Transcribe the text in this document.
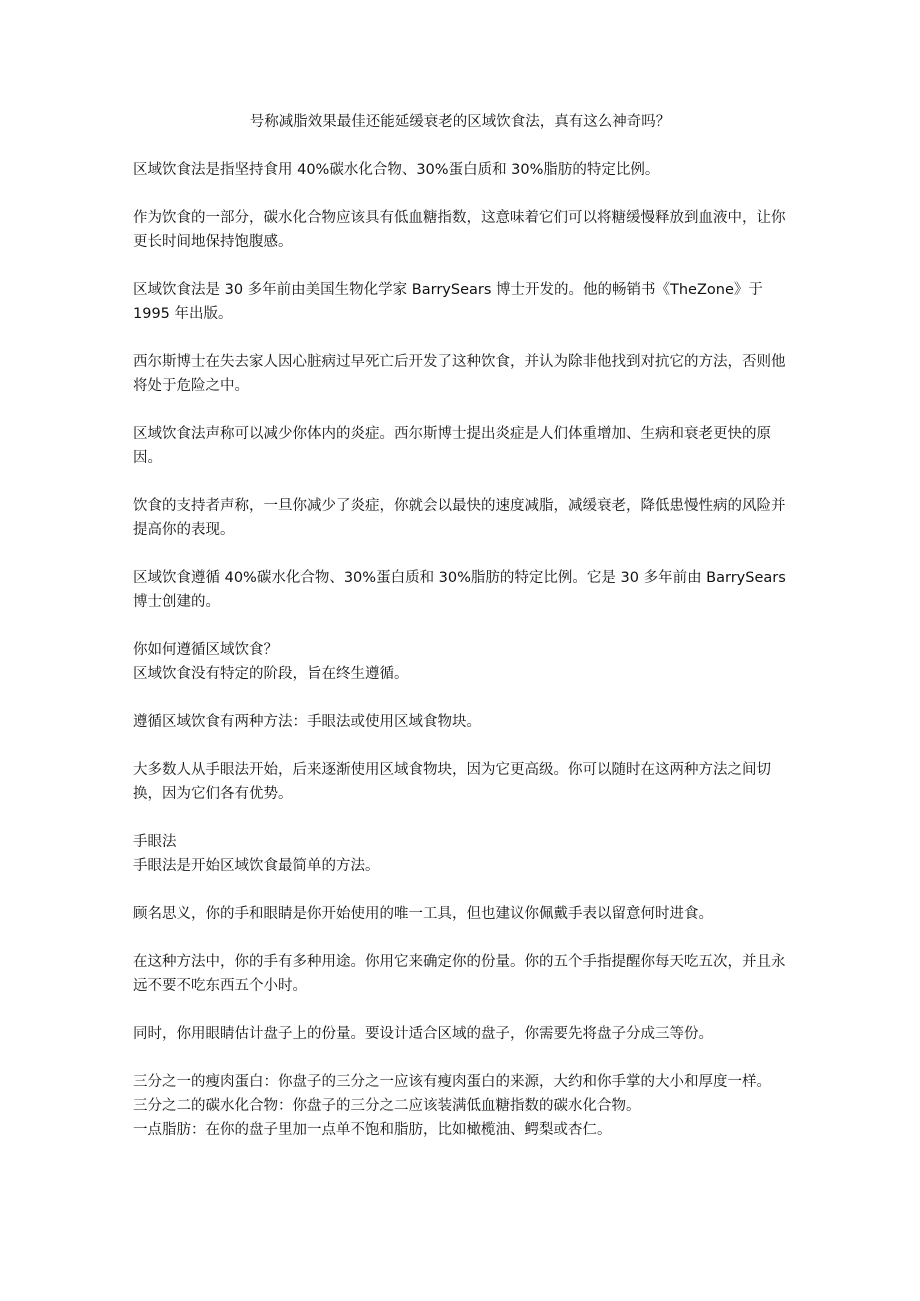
号称减脂效果最佳还能延缓衰老的区域饮食法，真有这么神奇吗？

区域饮食法是指坚持食用 40%碳水化合物、30%蛋白质和 30%脂肪的特定比例。

作为饮食的一部分，碳水化合物应该具有低血糖指数，这意味着它们可以将糖缓慢释放到血液中，让你更长时间地保持饱腹感。

区域饮食法是 30 多年前由美国生物化学家 BarrySears 博士开发的。他的畅销书《TheZone》于 1995 年出版。

西尔斯博士在失去家人因心脏病过早死亡后开发了这种饮食，并认为除非他找到对抗它的方法，否则他将处于危险之中。

区域饮食法声称可以减少你体内的炎症。西尔斯博士提出炎症是人们体重增加、生病和衰老更快的原因。

饮食的支持者声称，一旦你减少了炎症，你就会以最快的速度减脂，减缓衰老，降低患慢性病的风险并提高你的表现。

区域饮食遵循 40%碳水化合物、30%蛋白质和 30%脂肪的特定比例。它是 30 多年前由 BarrySears 博士创建的。

你如何遵循区域饮食？
区域饮食没有特定的阶段，旨在终生遵循。

遵循区域饮食有两种方法：手眼法或使用区域食物块。

大多数人从手眼法开始，后来逐渐使用区域食物块，因为它更高级。你可以随时在这两种方法之间切换，因为它们各有优势。

手眼法
手眼法是开始区域饮食最简单的方法。

顾名思义，你的手和眼睛是你开始使用的唯一工具，但也建议你佩戴手表以留意何时进食。

在这种方法中，你的手有多种用途。你用它来确定你的份量。你的五个手指提醒你每天吃五次，并且永远不要不吃东西五个小时。

同时，你用眼睛估计盘子上的份量。要设计适合区域的盘子，你需要先将盘子分成三等份。

三分之一的瘦肉蛋白：你盘子的三分之一应该有瘦肉蛋白的来源，大约和你手掌的大小和厚度一样。
三分之二的碳水化合物：你盘子的三分之二应该装满低血糖指数的碳水化合物。
一点脂肪：在你的盘子里加一点单不饱和脂肪，比如橄榄油、鳄梨或杏仁。
